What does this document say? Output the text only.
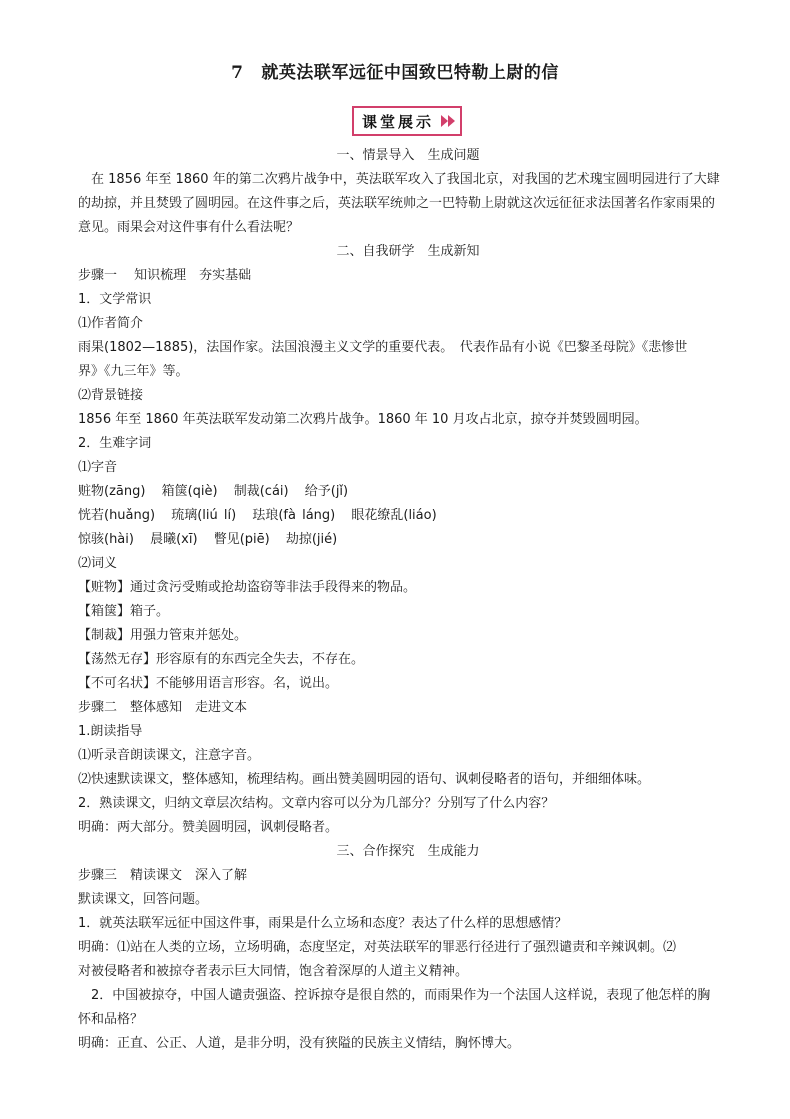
7 就英法联军远征中国致巴特勒上尉的信
课堂展示
一、情景导入　生成问题
　在 1856 年至 1860 年的第二次鸦片战争中，英法联军攻入了我国北京，对我国的艺术瑰宝圆明园进行了大肆
的劫掠，并且焚毁了圆明园。在这件事之后，英法联军统帅之一巴特勒上尉就这次远征征求法国著名作家雨果的
意见。雨果会对这件事有什么看法呢？
二、自我研学　生成新知
步骤一　 知识梳理　夯实基础
1．文学常识
⑴作者简介
雨果(1802—1885)，法国作家。法国浪漫主义文学的重要代表。　代表作品有小说《巴黎圣母院》《悲惨世
界》《九三年》等。
⑵背景链接
1856 年至 1860 年英法联军发动第二次鸦片战争。1860 年 10 月攻占北京，掠夺并焚毁圆明园。
2．生难字词
⑴字音
赃物(zāng) 箱箧(qiè) 制裁(cái) 给予(jǐ)
恍若(huǎng) 琉璃(liú lí) 珐琅(fà láng) 眼花缭乱(liáo)
惊骇(hài) 晨曦(xī) 瞥见(piē) 劫掠(jié)
⑵词义
【赃物】通过贪污受贿或抢劫盗窃等非法手段得来的物品。
【箱箧】箱子。
【制裁】用强力管束并惩处。
【荡然无存】形容原有的东西完全失去，不存在。
【不可名状】不能够用语言形容。名，说出。
步骤二　整体感知　走进文本
1.朗读指导
⑴听录音朗读课文，注意字音。
⑵快速默读课文，整体感知，梳理结构。画出赞美圆明园的语句、讽刺侵略者的语句，并细细体味。
2．熟读课文，归纳文章层次结构。文章内容可以分为几部分？分别写了什么内容？
明确：两大部分。赞美圆明园，讽刺侵略者。
三、合作探究　生成能力
步骤三　精读课文　深入了解
默读课文，回答问题。
1．就英法联军远征中国这件事，雨果是什么立场和态度？表达了什么样的思想感情？
明确：⑴站在人类的立场，立场明确，态度坚定，对英法联军的罪恶行径进行了强烈谴责和辛辣讽刺。⑵
对被侵略者和被掠夺者表示巨大同情，饱含着深厚的人道主义精神。
　2．中国被掠夺，中国人谴责强盗、控诉掠夺是很自然的，而雨果作为一个法国人这样说，表现了他怎样的胸
怀和品格？
明确：正直、公正、人道，是非分明，没有狭隘的民族主义情结，胸怀博大。
